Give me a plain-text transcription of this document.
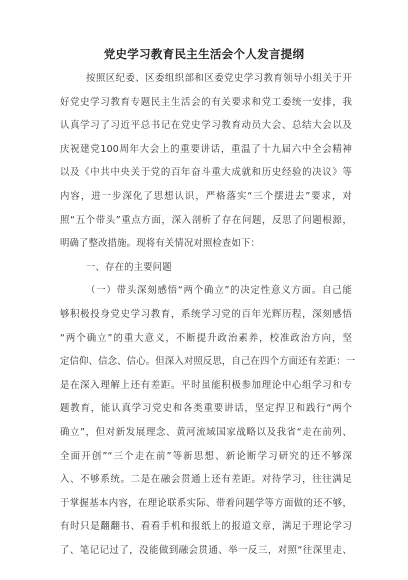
党史学习教育民主生活会个人发言提纲
按照区纪委、区委组织部和区委党史学习教育领导小组关于开
好党史学习教育专题民主生活会的有关要求和党工委统一安排，我
认真学习了习近平总书记在党史学习教育动员大会、总结大会以及
庆祝建党100周年大会上的重要讲话，重温了十九届六中全会精神
以及《中共中央关于党的百年奋斗重大成就和历史经验的决议》等
内容，进一步深化了思想认识，严格落实“三个摆进去”要求，对
照“五个带头”重点方面，深入剖析了存在问题，反思了问题根源，
明确了整改措施。现将有关情况对照检查如下：
一、存在的主要问题
（一）带头深刻感悟“两个确立”的决定性意义方面。自己能
够积极投身党史学习教育，系统学习党的百年光辉历程，深刻感悟
“两个确立”的重大意义，不断提升政治素养，校准政治方向，坚
定信仰、信念、信心。但深入对照反思，自己在四个方面还有差距：一
是在深入理解上还有差距。平时虽能积极参加理论中心组学习和专
题教育，能认真学习党史和各类重要讲话，坚定捍卫和践行“两个
确立”，但对新发展理念、黄河流域国家战略以及我省“走在前列、
全面开创”“三个走在前”等新思想、新论断学习研究的还不够深
入、不够系统。二是在融会贯通上还有差距。对待学习，往往满足
于掌握基本内容，在理论联系实际、带着问题学等方面做的还不够，
有时只是翻翻书、看看手机和报纸上的报道文章，满足于理论学习
了、笔记记过了，没能做到融会贯通、举一反三，对照“往深里走、
